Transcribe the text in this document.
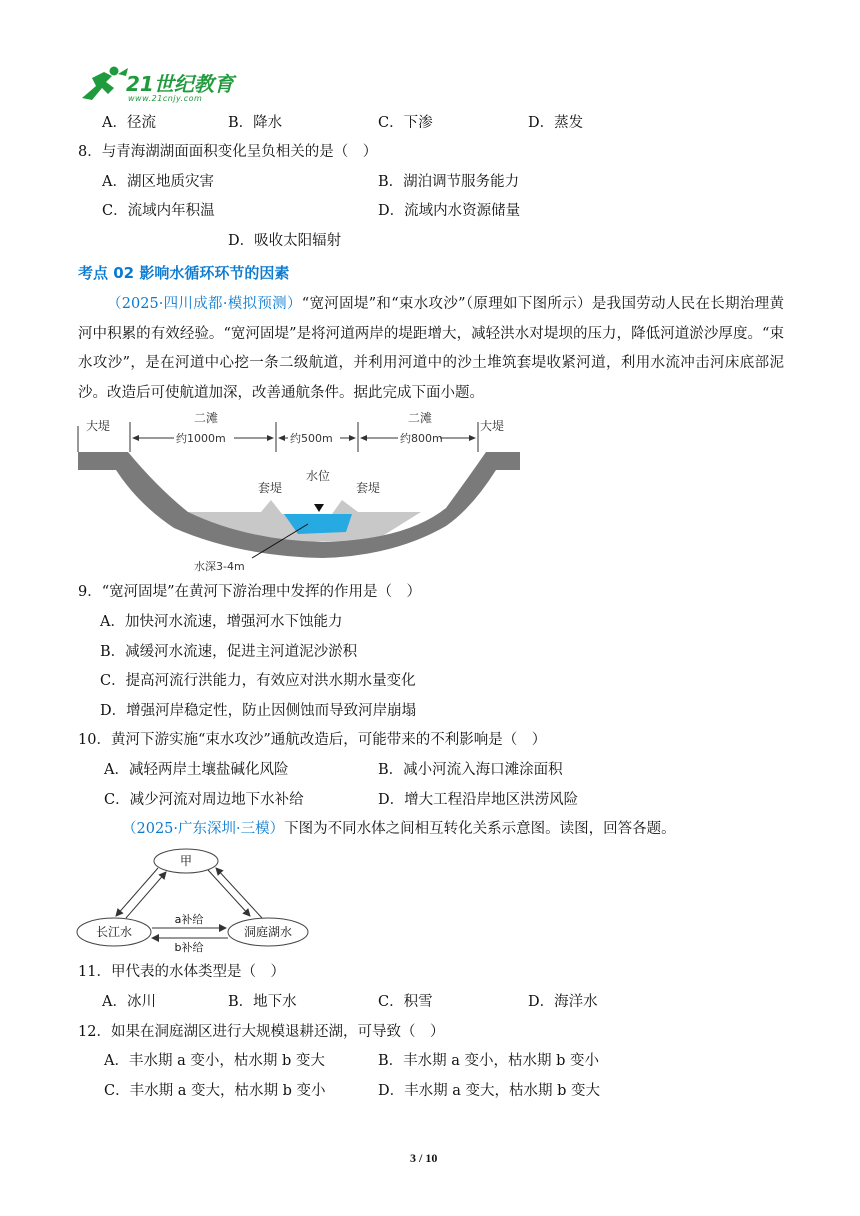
21世纪教育
www.21cnjy.com
A．径流	B．降水	C．下渗	D．蒸发
8．与青海湖湖面面积变化呈负相关的是（　）
A．湖区地质灾害	B．湖泊调节服务能力
C．流域内年积温	D．流域内水资源储量
D．吸收太阳辐射
考点 02 影响水循环环节的因素
（2025·四川成都·模拟预测）“宽河固堤”和“束水攻沙”（原理如下图所示）是我国劳动人民在长期治理黄河中积累的有效经验。“宽河固堤”是将河道两岸的堤距增大，减轻洪水对堤坝的压力，降低河道淤沙厚度。“束水攻沙”，是在河道中心挖一条二级航道，并利用河道中的沙土堆筑套堤收紧河道，利用水流冲击河床底部泥沙。改造后可使航道加深，改善通航条件。据此完成下面小题。
大堤	大堤
二滩	二滩
约1000m	约500m	约800m
水位
套堤	套堤
水深3-4m
9．“宽河固堤”在黄河下游治理中发挥的作用是（　）
A．加快河水流速，增强河水下蚀能力
B．减缓河水流速，促进主河道泥沙淤积
C．提高河流行洪能力，有效应对洪水期水量变化
D．增强河岸稳定性，防止因侧蚀而导致河岸崩塌
10．黄河下游实施“束水攻沙”通航改造后，可能带来的不利影响是（　）
A．减轻两岸土壤盐碱化风险	B．减小河流入海口滩涂面积
C．减少河流对周边地下水补给	D．增大工程沿岸地区洪涝风险
（2025·广东深圳·三模）下图为不同水体之间相互转化关系示意图。读图，回答各题。
甲
长江水	洞庭湖水
a补给
b补给
11．甲代表的水体类型是（　）
A．冰川	B．地下水	C．积雪	D．海洋水
12．如果在洞庭湖区进行大规模退耕还湖，可导致（　）
A．丰水期 a 变小，枯水期 b 变大	B．丰水期 a 变小，枯水期 b 变小
C．丰水期 a 变大，枯水期 b 变小	D．丰水期 a 变大，枯水期 b 变大
3 / 10
